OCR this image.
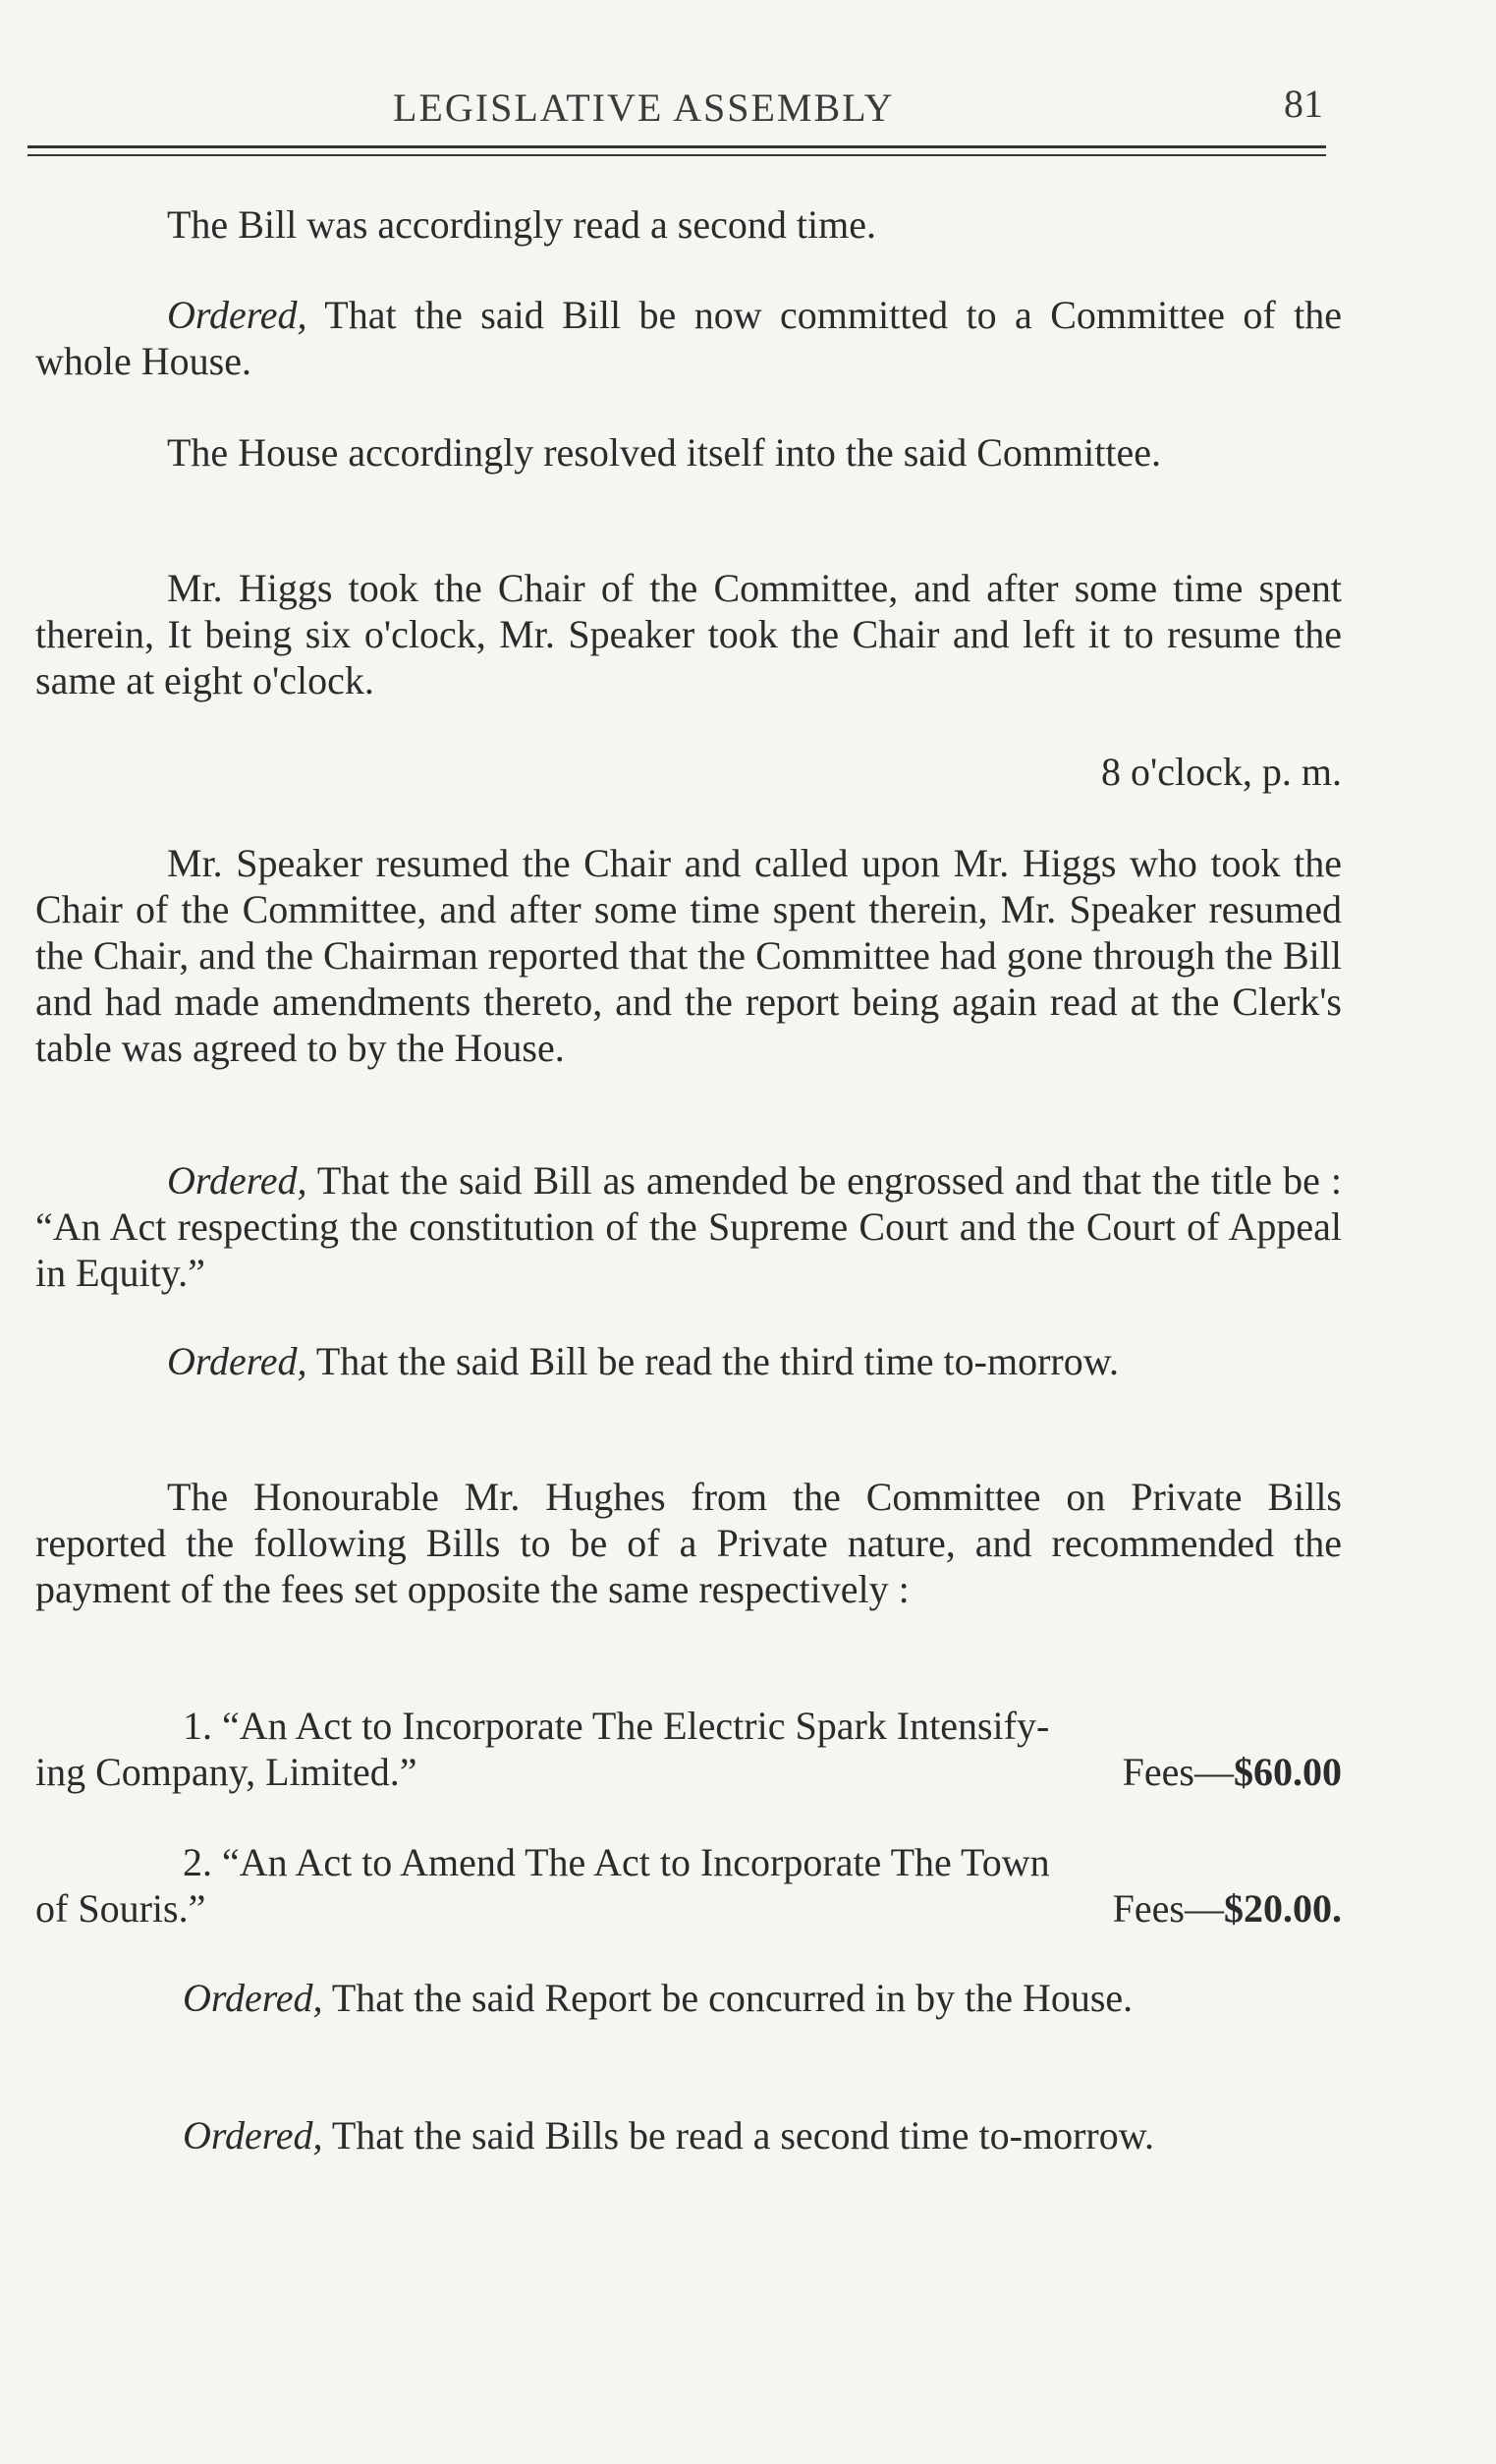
LEGISLATIVE ASSEMBLY	81
The Bill was accordingly read a second time.
Ordered, That the said Bill be now committed to a Committee of the whole House.
The House accordingly resolved itself into the said Committee.
Mr. Higgs took the Chair of the Committee, and after some time spent therein, It being six o'clock, Mr. Speaker took the Chair and left it to resume the same at eight o'clock.
8 o'clock, p. m.
Mr. Speaker resumed the Chair and called upon Mr. Higgs who took the Chair of the Committee, and after some time spent therein, Mr. Speaker resumed the Chair, and the Chairman reported that the Committee had gone through the Bill and had made amendments thereto, and the report being again read at the Clerk's table was agreed to by the House.
Ordered, That the said Bill as amended be engrossed and that the title be : “An Act respecting the constitution of the Supreme Court and the Court of Appeal in Equity.”
Ordered, That the said Bill be read the third time to-morrow.
The Honourable Mr. Hughes from the Committee on Private Bills reported the following Bills to be of a Private nature, and recommended the payment of the fees set opposite the same respectively :
1. “An Act to Incorporate The Electric Spark Intensify-
ing Company, Limited.”	Fees—$60.00
2. “An Act to Amend The Act to Incorporate The Town
of Souris.”	Fees—$20.00.
Ordered, That the said Report be concurred in by the House.
Ordered, That the said Bills be read a second time to-morrow.
